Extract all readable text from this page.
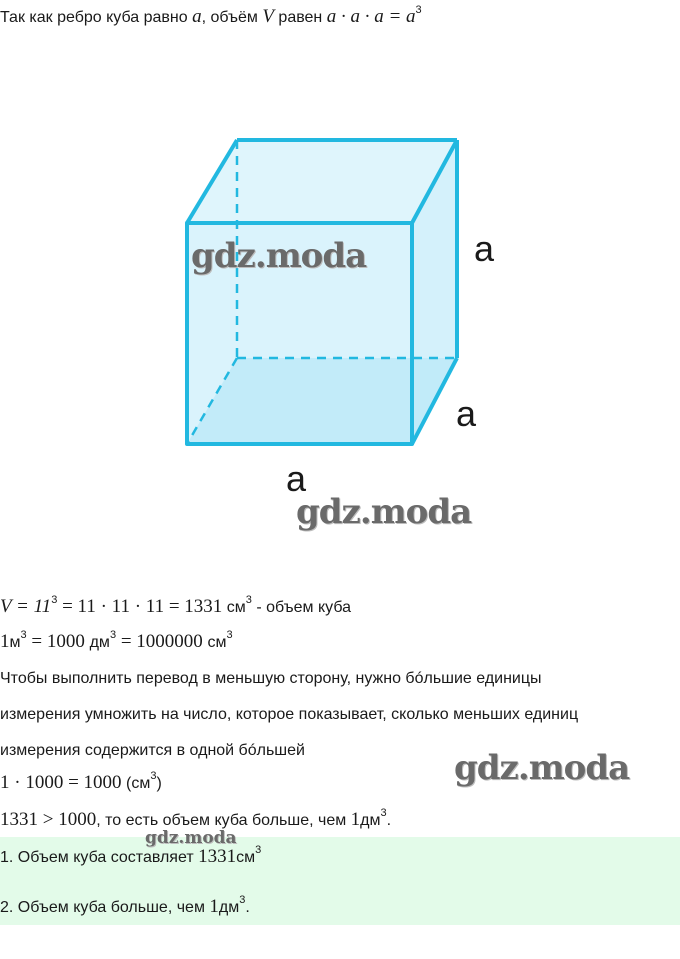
Так как ребро куба равно a, объём V равен $a \cdot a \cdot a = a^3$
a
a
a
gdz.moda
gdz.moda
gdz.moda
$V = 11^3 = 11 \cdot 11 \cdot 11 = 1331$ $см^3$ - объем куба
$1м^3 = 1000$ $дм^3 = 1000000$ $см^3$
Чтобы выполнить перевод в меньшую сторону, нужно бóльшие единицы
измерения умножить на число, которое показывает, сколько меньших единиц
измерения содержится в одной бóльшей
1 · 1000 = 1000 $(см^3)$
1331 > 1000, то есть объем куба больше, чем $1дм^3$.
gdz.moda
1. Объем куба составляет $1331см^3$
2. Объем куба больше, чем $1дм^3$.
